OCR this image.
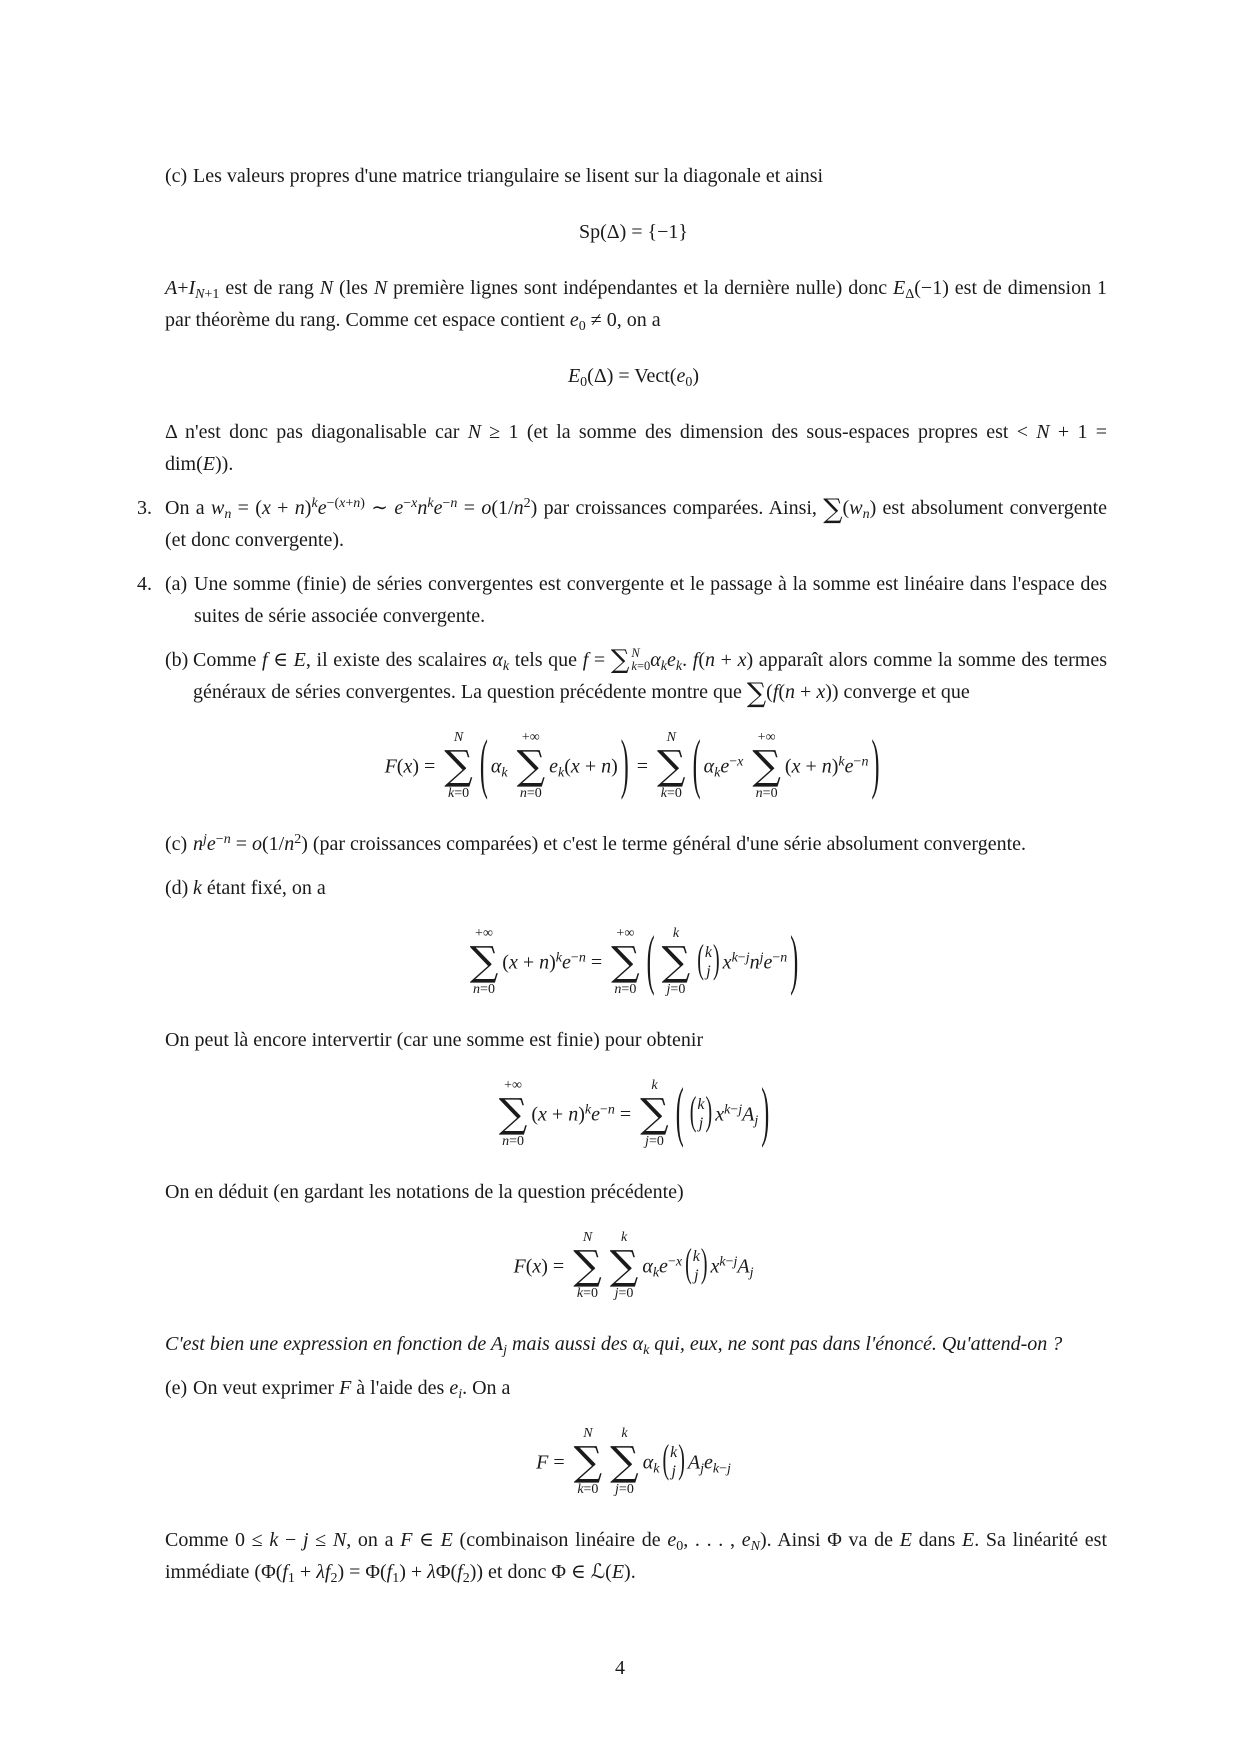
(c) Les valeurs propres d'une matrice triangulaire se lisent sur la diagonale et ainsi
Sp(Δ) = {−1}
$A+I_{N+1}$ est de rang N (les N première lignes sont indépendantes et la dernière nulle) donc $E_\Delta(-1)$ est de dimension 1 par théorème du rang. Comme cet espace contient $e_0 \ne 0$, on a
$E_0(\Delta)$ = $Vect(e_0)$
Δ n'est donc pas diagonalisable car N ≥ 1 (et la somme des dimension des sous-espaces propres est < N + 1 = dim(E)).
3. On a $w_n = (x + n)^ke^{-(x+n)}$ ∼ $e^{-x}n^ke^{-n} = o(1/n^2)$ par croissances comparées. Ainsi, $\sum(w_n)$ est absolument convergente (et donc convergente).
4. (a) Une somme (finie) de séries convergentes est convergente et le passage à la somme est linéaire dans l'espace des suites de série associée convergente.
(b) Comme f ∈ E, il existe des scalaires $\alpha_k$ tels que f = ∑ N
k=0 $\alpha_ke_k$. f(n + x) apparaît alors comme la somme des termes généraux de séries convergentes. La question précédente montre que ∑(f(n + x)) converge et que
F(x) =
N
∑
k=0 ( $\alpha_k$
+∞
∑
n=0
$e_k(x + n)$ ) =
N
∑
k=0 ( $\alpha_ke^{-x}$
+∞
∑
n=0
$(x + n)^ke^{-n}$ )
(c) $n^je^{-n} = o(1/n^2)$ (par croissances comparées) et c'est le terme général d'une série absolument convergente.
(d) k étant fixé, on a
+∞
∑
n=0
$(x + n)^ke^{-n}$ =
+∞
∑
n=0 ( k
∑
j=0
( k
j ) $x^{k-j}n^je^{-n}$ )
On peut là encore intervertir (car une somme est finie) pour obtenir
+∞
∑
n=0
$(x + n)^ke^{-n}$ =
k
∑
j=0 ( ( k
j ) $x^{k-j}A_j$ )
On en déduit (en gardant les notations de la question précédente)
F(x) =
N
∑
k=0
k
∑
j=0
$\alpha_ke^{-x}$ ( k
j ) $x^{k-j}A_j$
C'est bien une expression en fonction de $A_j$ mais aussi des $\alpha_k$ qui, eux, ne sont pas dans l'énoncé. Qu'attend-on ?
(e) On veut exprimer F à l'aide des $e_i$. On a
F =
N
∑
k=0
k
∑
j=0
$\alpha_k$ ( k
j ) $A_je_{k-j}$
Comme 0 ≤ k − j ≤ N, on a F ∈ E (combinaison linéaire de $e_0$, . . . , $e_N$). Ainsi Φ va de E dans E. Sa linéarité est immédiate $(\Phi(f_1 + \lambda f_2) = \Phi(f_1) + \lambda\Phi(f_2))$ et donc Φ ∈ ℒ(E).
4
